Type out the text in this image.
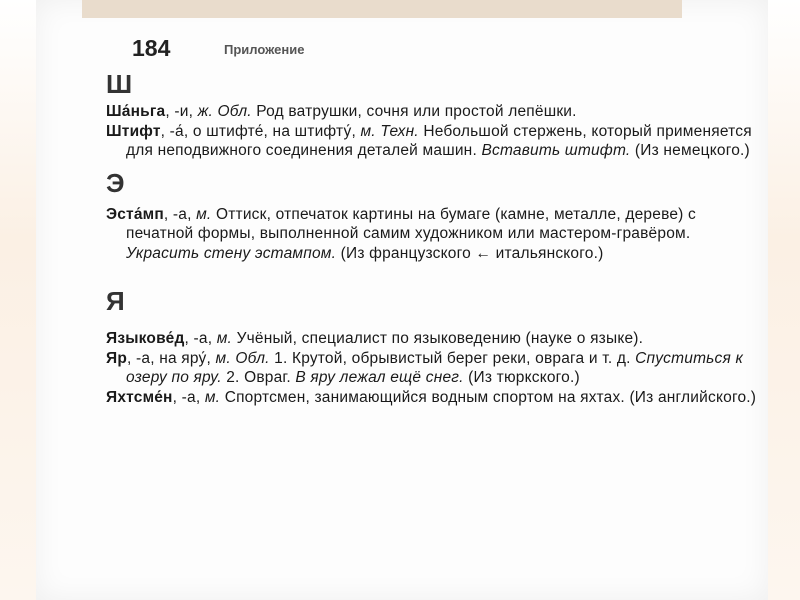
184	Приложение
Ш

Ша́ньга, -и, ж. Обл. Род ватрушки, сочня или простой лепёшки.

Штифт, -а́, о штифте́, на штифту́, м. Техн. Небольшой стержень, который применяется для неподвижного соединения деталей машин. Вставить штифт. (Из немецкого.)

Э

Эста́мп, -а, м. Оттиск, отпечаток картины на бумаге (камне, металле, дереве) с печатной формы, выполненной самим художником или мастером-гравёром. Украсить стену эстампом. (Из французского ← итальянского.)

Я

Языкове́д, -а, м. Учёный, специалист по языковедению (науке о языке).

Яр, -а, на яру́, м. Обл. 1. Крутой, обрывистый берег реки, оврага и т. д. Спуститься к озеру по яру. 2. Овраг. В яру лежал ещё снег. (Из тюркского.)

Яхтсме́н, -а, м. Спортсмен, занимающийся водным спортом на яхтах. (Из английского.)
